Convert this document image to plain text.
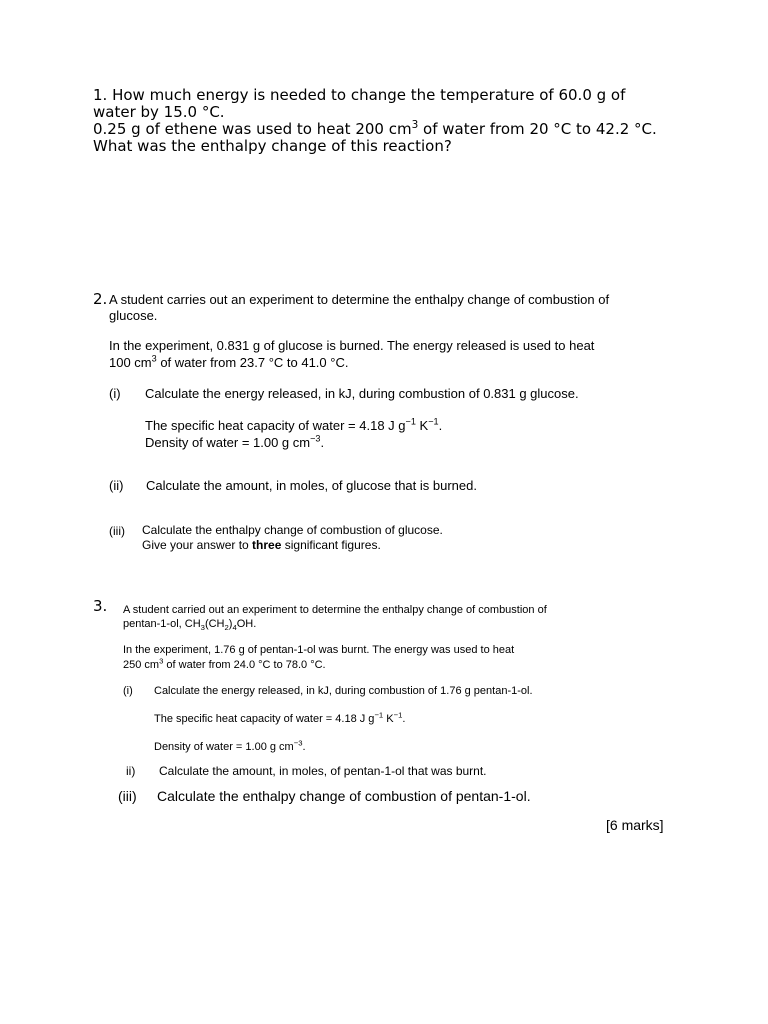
1. How much energy is needed to change the temperature of 60.0 g of

water by 15.0 °C.

0.25 g of ethene was used to heat 200 $cm^3$ of water from 20 °C to 42.2 °C.

What was the enthalpy change of this reaction?

2. A student carries out an experiment to determine the enthalpy change of combustion of
glucose.
In the experiment, 0.831 g of glucose is burned. The energy released is used to heat
100 $cm^3$ of water from 23.7 °C to 41.0 °C.
(i) Calculate the energy released, in kJ, during combustion of 0.831 g glucose.
The specific heat capacity of water = 4.18 J $g^{-1}$ $K^{-1}$.
Density of water = 1.00 g $cm^{-3}$.
(ii) Calculate the amount, in moles, of glucose that is burned.
(iii) Calculate the enthalpy change of combustion of glucose.
Give your answer to three significant figures.
3. A student carried out an experiment to determine the enthalpy change of combustion of
pentan-1-ol, $CH_3(CH_2)_4OH$.
In the experiment, 1.76 g of pentan-1-ol was burnt. The energy was used to heat
250 $cm^3$ of water from 24.0 °C to 78.0 °C.
(i) Calculate the energy released, in kJ, during combustion of 1.76 g pentan-1-ol.
The specific heat capacity of water = 4.18 J $g^{-1}$ $K^{-1}$.
Density of water = 1.00 g $cm^{-3}$.
ii) Calculate the amount, in moles, of pentan-1-ol that was burnt.
(iii) Calculate the enthalpy change of combustion of pentan-1-ol.
[6 marks]
